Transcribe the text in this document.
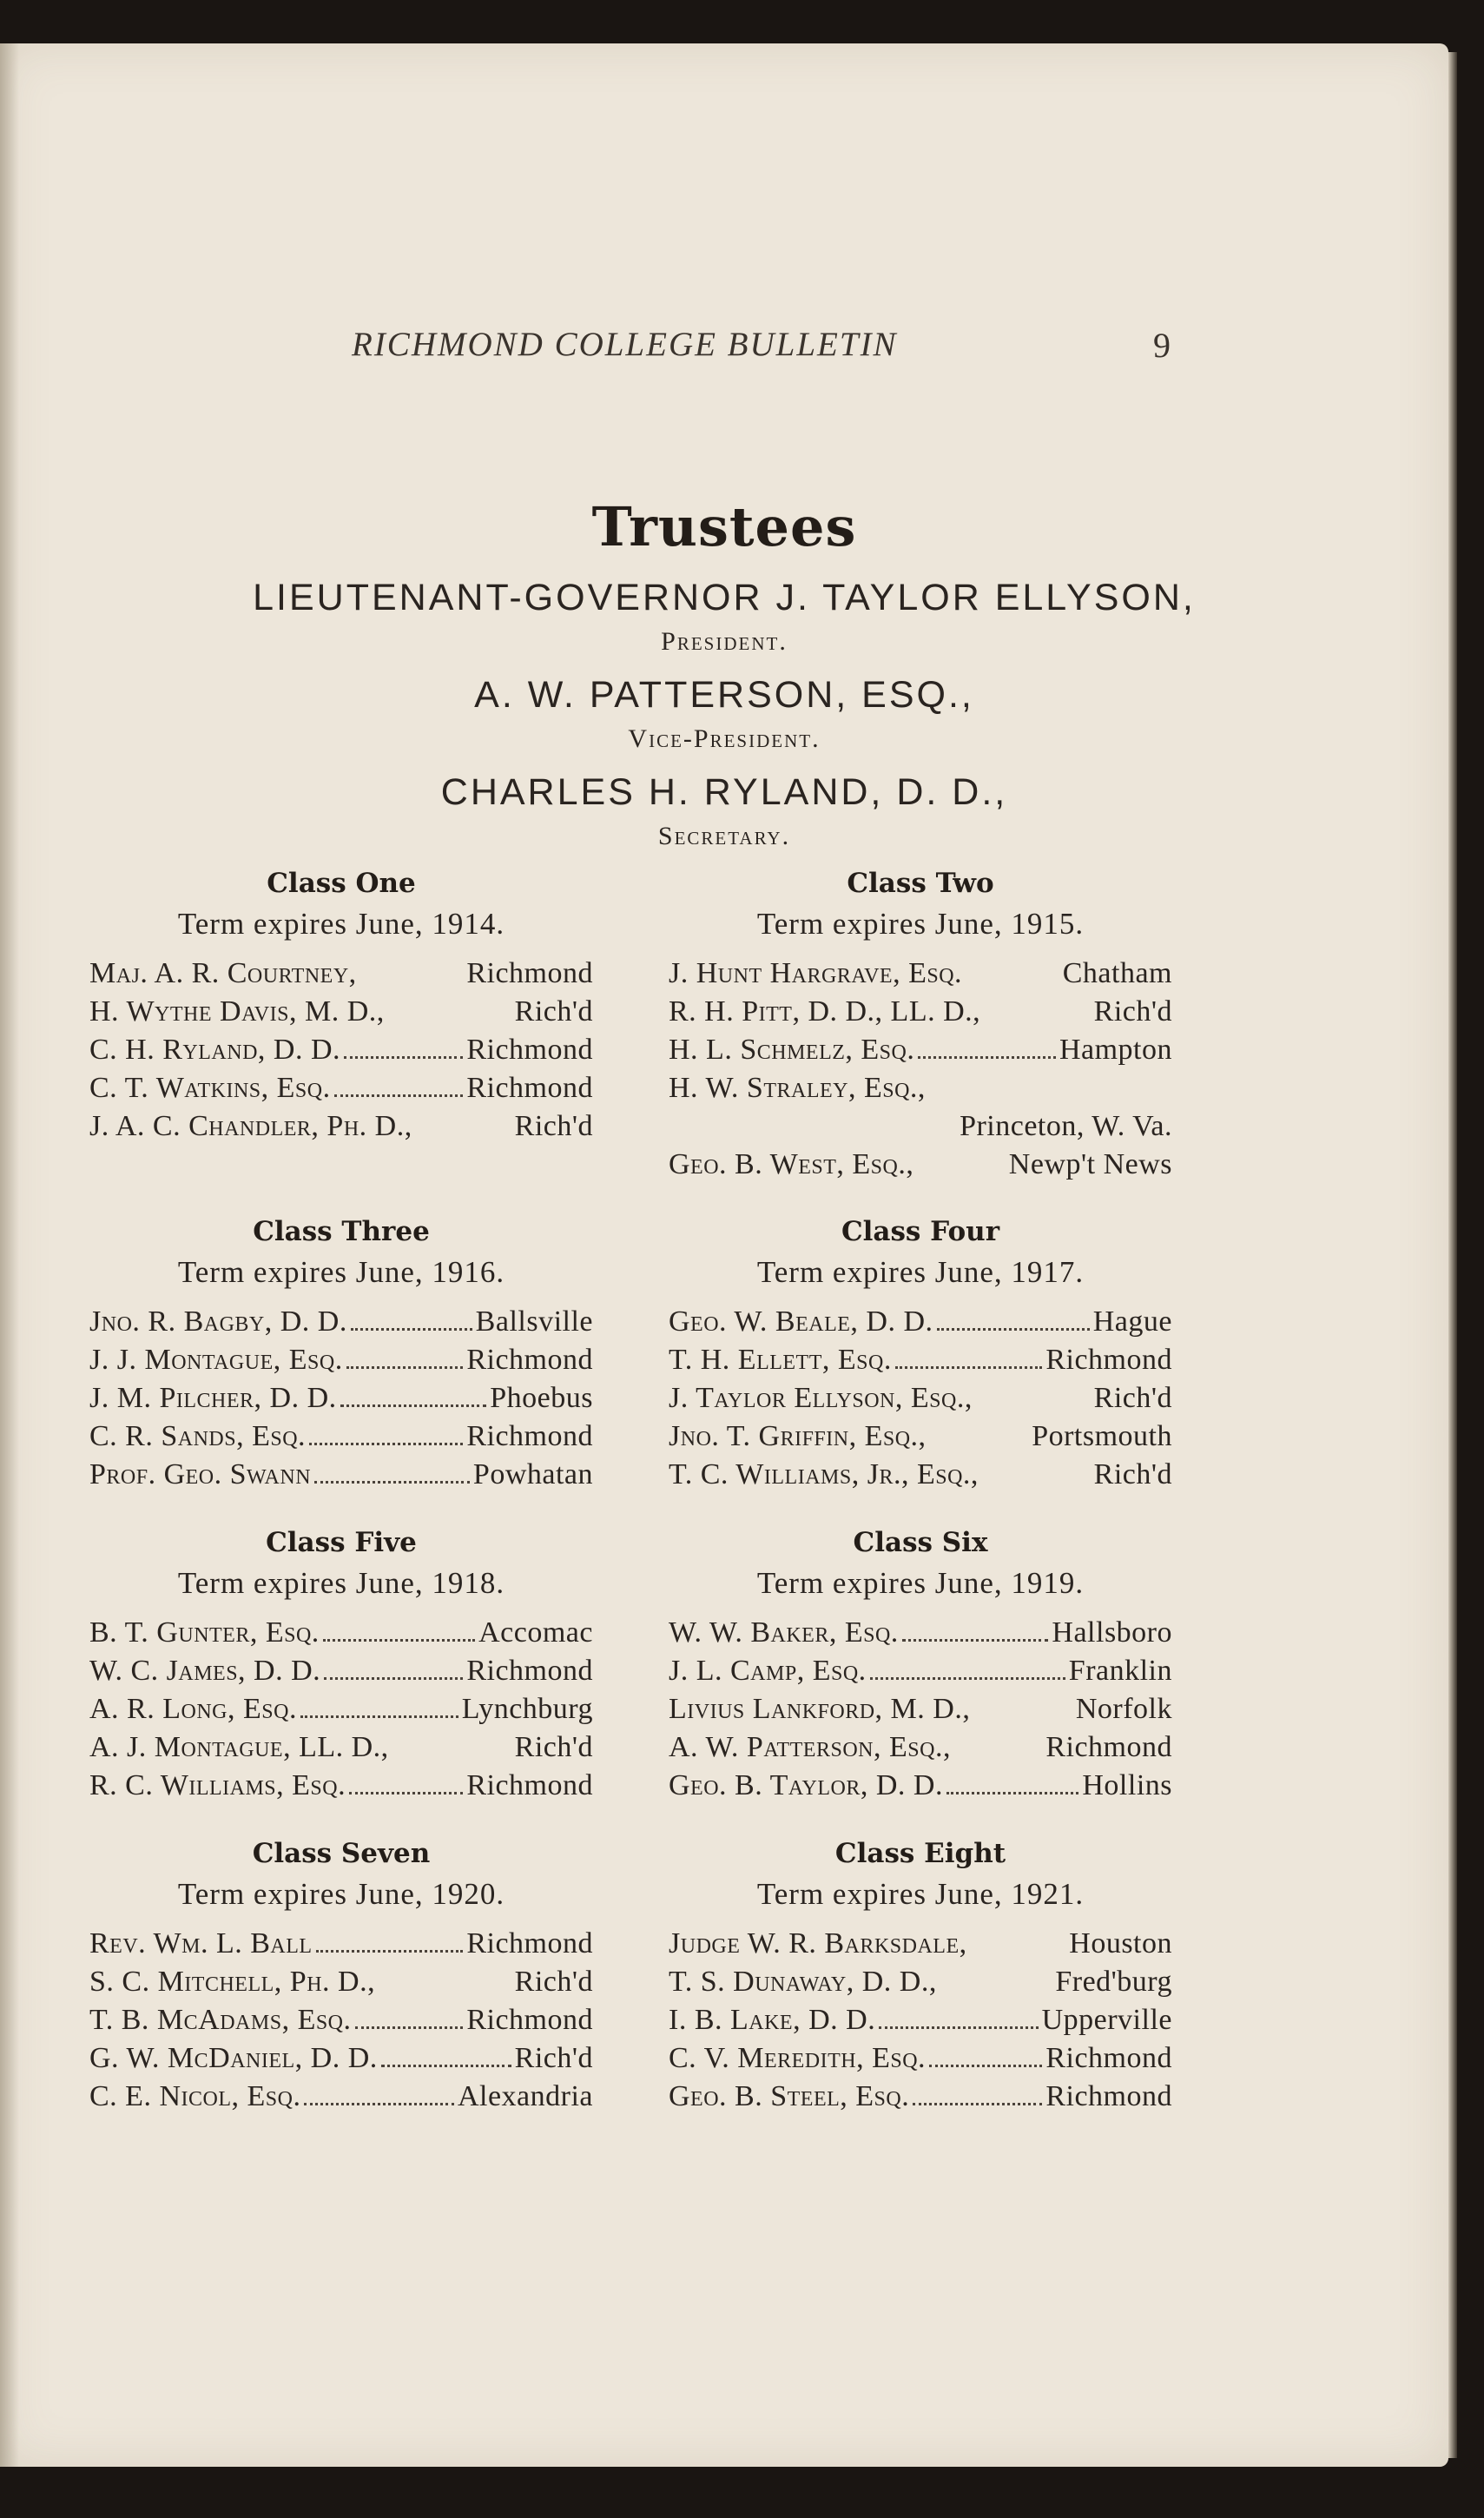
RICHMOND COLLEGE BULLETIN	9
Trustees
LIEUTENANT-GOVERNOR J. TAYLOR ELLYSON,
President.
A. W. PATTERSON, ESQ.,
Vice-President.
CHARLES H. RYLAND, D. D.,
Secretary.
Class One
Term expires June, 1914.
Maj. A. R. Courtney,	Richmond
H. Wythe Davis, M. D.,	Rich'd
C. H. Ryland, D. D.	Richmond
C. T. Watkins, Esq.	Richmond
J. A. C. Chandler, Ph. D.,	Rich'd
Class Two
Term expires June, 1915.
J. Hunt Hargrave, Esq.	Chatham
R. H. Pitt, D. D., LL. D.,	Rich'd
H. L. Schmelz, Esq.	Hampton
H. W. Straley, Esq.,
Princeton, W. Va.
Geo. B. West, Esq.,	Newp't News
Class Three
Term expires June, 1916.
Jno. R. Bagby, D. D.	Ballsville
J. J. Montague, Esq.	Richmond
J. M. Pilcher, D. D.	Phoebus
C. R. Sands, Esq.	Richmond
Prof. Geo. Swann	Powhatan
Class Four
Term expires June, 1917.
Geo. W. Beale, D. D.	Hague
T. H. Ellett, Esq.	Richmond
J. Taylor Ellyson, Esq.,	Rich'd
Jno. T. Griffin, Esq.,	Portsmouth
T. C. Williams, Jr., Esq.,	Rich'd
Class Five
Term expires June, 1918.
B. T. Gunter, Esq.	Accomac
W. C. James, D. D.	Richmond
A. R. Long, Esq.	Lynchburg
A. J. Montague, LL. D.,	Rich'd
R. C. Williams, Esq.	Richmond
Class Six
Term expires June, 1919.
W. W. Baker, Esq.	Hallsboro
J. L. Camp, Esq.	Franklin
Livius Lankford, M. D.,	Norfolk
A. W. Patterson, Esq.,	Richmond
Geo. B. Taylor, D. D.	Hollins
Class Seven
Term expires June, 1920.
Rev. Wm. L. Ball	Richmond
S. C. Mitchell, Ph. D.,	Rich'd
T. B. McAdams, Esq.	Richmond
G. W. McDaniel, D. D.	Rich'd
C. E. Nicol, Esq.	Alexandria
Class Eight
Term expires June, 1921.
Judge W. R. Barksdale,	Houston
T. S. Dunaway, D. D.,	Fred'burg
I. B. Lake, D. D.	Upperville
C. V. Meredith, Esq.	Richmond
Geo. B. Steel, Esq.	Richmond
